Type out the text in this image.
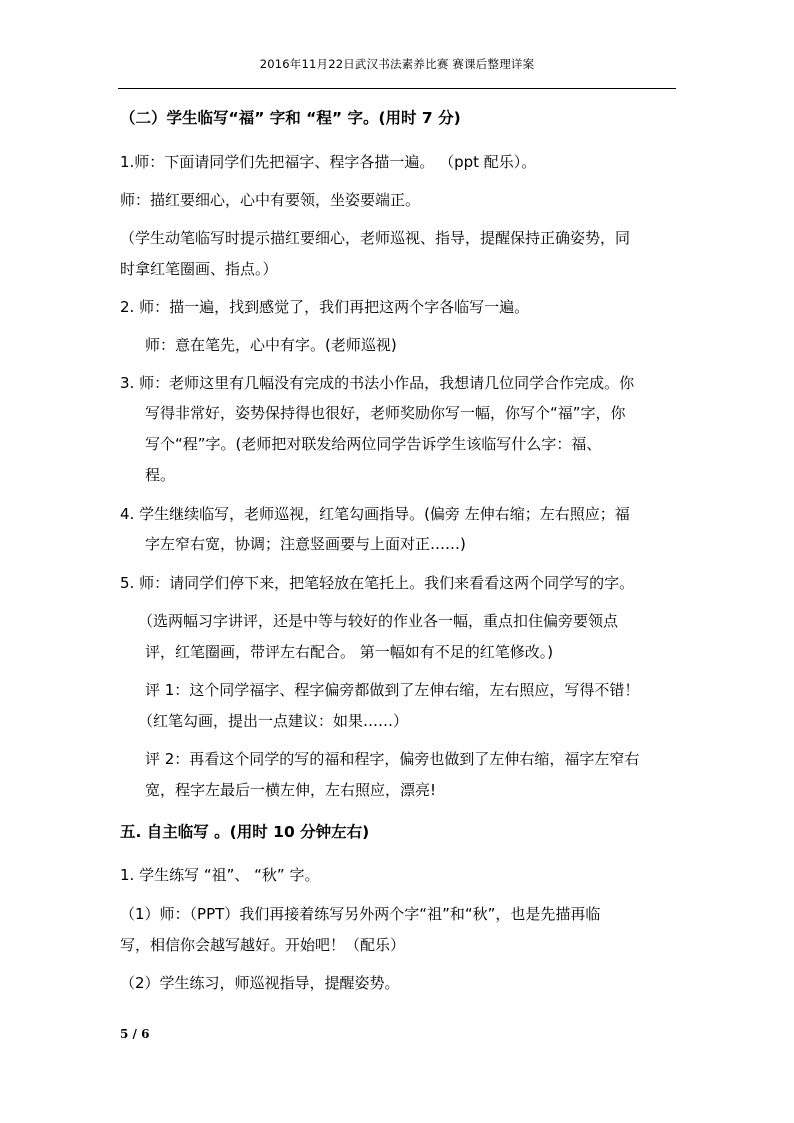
2016年11月22日武汉书法素养比赛 赛课后整理详案
（二）学生临写“福” 字和 “程” 字。(用时 7 分)
1.师：下面请同学们先把福字、程字各描一遍。 （ppt 配乐）。
师：描红要细心，心中有要领，坐姿要端正。
（学生动笔临写时提示描红要细心，老师巡视、指导，提醒保持正确姿势，同
时拿红笔圈画、指点。）
2. 师：描一遍，找到感觉了，我们再把这两个字各临写一遍。
师：意在笔先，心中有字。(老师巡视)
3. 师：老师这里有几幅没有完成的书法小作品，我想请几位同学合作完成。你
写得非常好，姿势保持得也很好，老师奖励你写一幅，你写个“福”字，你
写个“程”字。(老师把对联发给两位同学告诉学生该临写什么字：福、
程。
4. 学生继续临写，老师巡视，红笔勾画指导。(偏旁 左伸右缩；左右照应；福
字左窄右宽，协调；注意竖画要与上面对正……)
5. 师：请同学们停下来，把笔轻放在笔托上。我们来看看这两个同学写的字。
（选两幅习字讲评，还是中等与较好的作业各一幅，重点扣住偏旁要领点
评，红笔圈画，带评左右配合。 第一幅如有不足的红笔修改。)
评 1：这个同学福字、程字偏旁都做到了左伸右缩，左右照应，写得不错！
（红笔勾画，提出一点建议：如果……）
评 2：再看这个同学的写的福和程字，偏旁也做到了左伸右缩，福字左窄右
宽，程字左最后一横左伸，左右照应，漂亮!
五. 自主临写 。(用时 10 分钟左右)
1. 学生练写 “祖”、 “秋” 字。
（1）师：（PPT）我们再接着练写另外两个字“祖”和“秋”，也是先描再临
写，相信你会越写越好。开始吧！（配乐）
（2）学生练习，师巡视指导，提醒姿势。
5 / 6
